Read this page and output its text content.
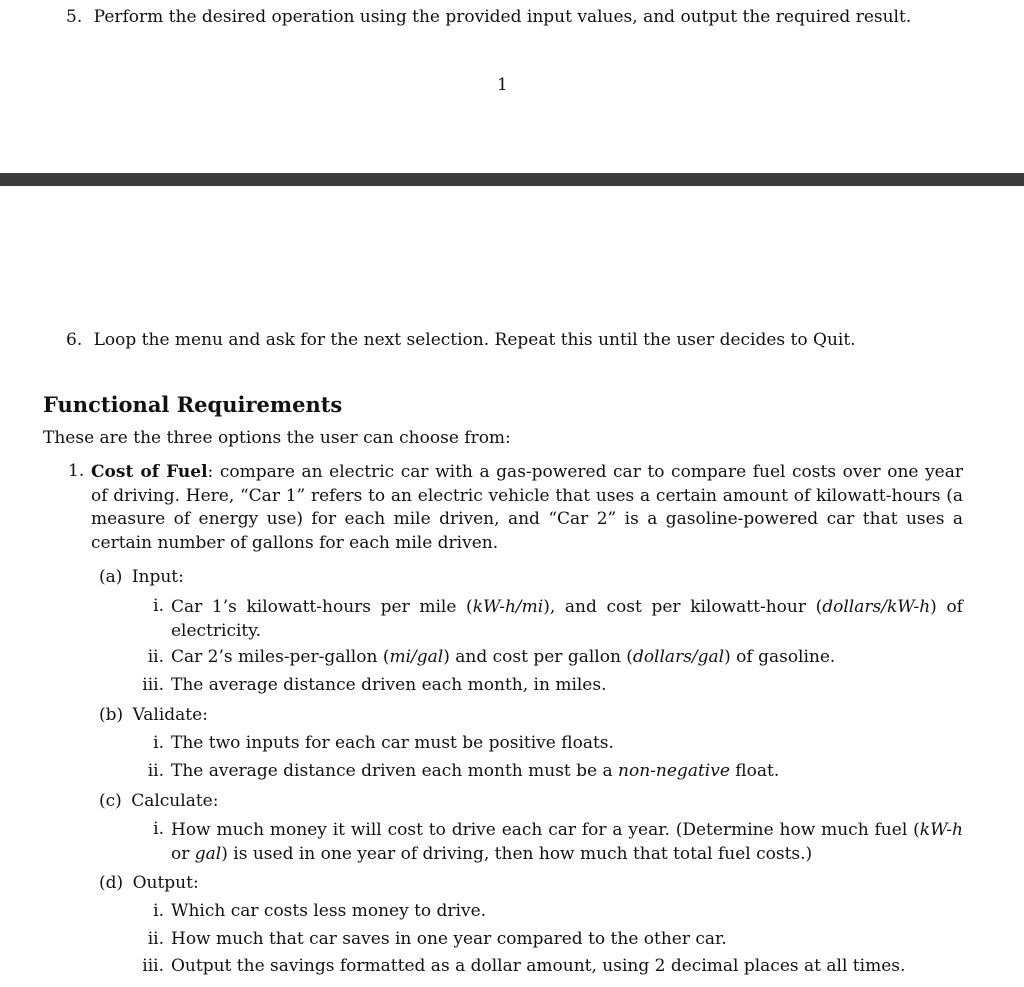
5. Perform the desired operation using the provided input values, and output the required result.
1
6. Loop the menu and ask for the next selection. Repeat this until the user decides to Quit.
Functional Requirements
These are the three options the user can choose from:
1. Cost of Fuel: compare an electric car with a gas-powered car to compare fuel costs over one year of driving. Here, “Car 1” refers to an electric vehicle that uses a certain amount of kilowatt-hours (a measure of energy use) for each mile driven, and “Car 2” is a gasoline-powered car that uses a certain number of gallons for each mile driven.
(a) Input:
i. Car 1’s kilowatt-hours per mile (kW-h/mi), and cost per kilowatt-hour (dollars/kW-h) of electricity.
ii. Car 2’s miles-per-gallon (mi/gal) and cost per gallon (dollars/gal) of gasoline.
iii. The average distance driven each month, in miles.
(b) Validate:
i. The two inputs for each car must be positive floats.
ii. The average distance driven each month must be a non-negative float.
(c) Calculate:
i. How much money it will cost to drive each car for a year. (Determine how much fuel (kW-h or gal) is used in one year of driving, then how much that total fuel costs.)
(d) Output:
i. Which car costs less money to drive.
ii. How much that car saves in one year compared to the other car.
iii. Output the savings formatted as a dollar amount, using 2 decimal places at all times.
